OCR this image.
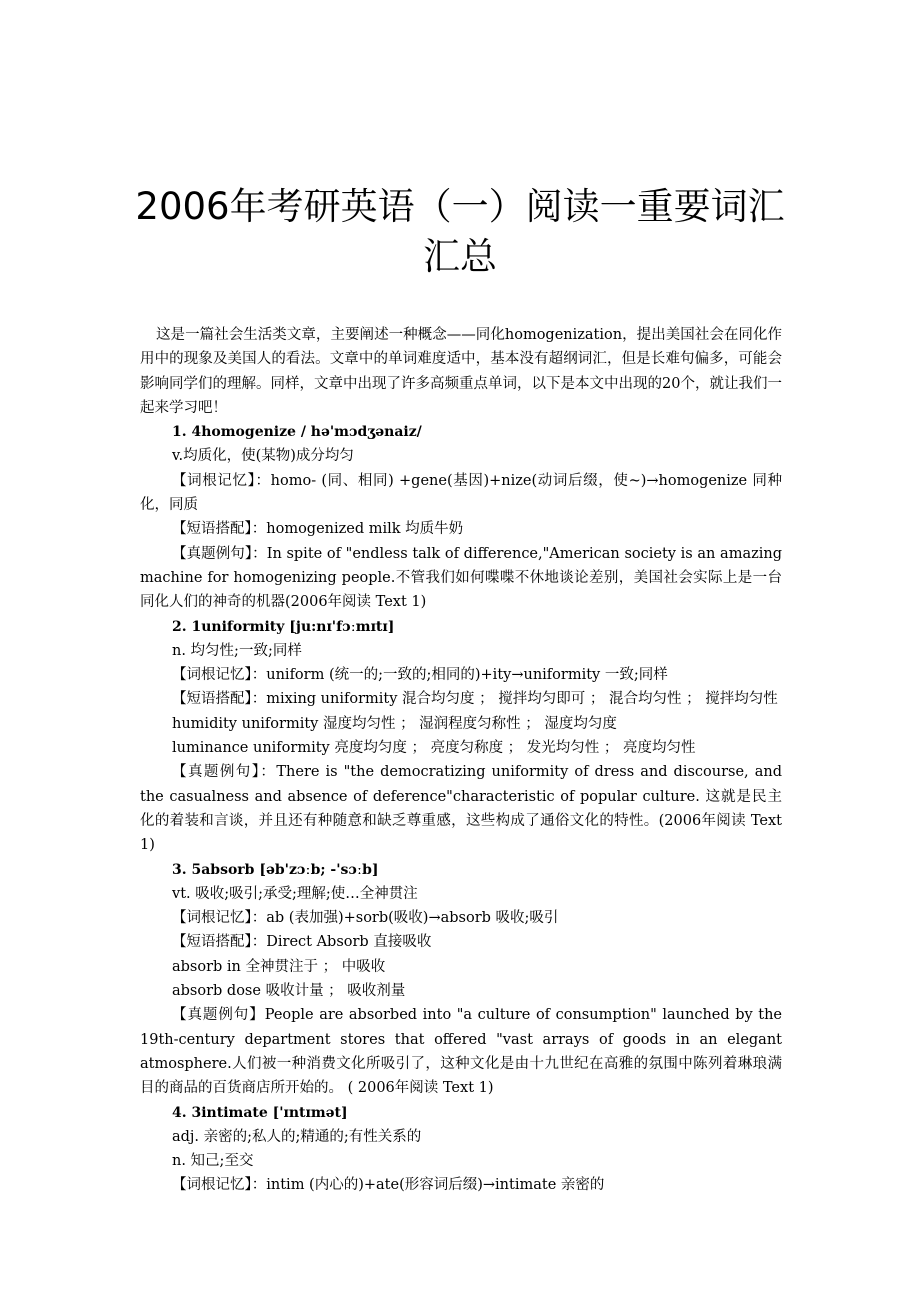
2006年考研英语（一）阅读一重要词汇
汇总

这是一篇社会生活类文章，主要阐述一种概念——同化homogenization，提出美国社会在同化作用中的现象及美国人的看法。文章中的单词难度适中，基本没有超纲词汇，但是长难句偏多，可能会影响同学们的理解。同样，文章中出现了许多高频重点单词，以下是本文中出现的20个，就让我们一起来学习吧！

1. 4homogenize / hə'mɔdʒənaiz/

v.均质化，使(某物)成分均匀

【词根记忆】：homo- (同、相同) +gene(基因)+nize(动词后缀，使~)→homogenize 同种化，同质

【短语搭配】：homogenized milk 均质牛奶

【真题例句】：In spite of "endless talk of difference,"American society is an amazing machine for homogenizing people.不管我们如何喋喋不休地谈论差别，美国社会实际上是一台同化人们的神奇的机器(2006年阅读 Text 1)

2. 1uniformity [ju:nɪ'fɔːmɪtɪ]

n. 均匀性;一致;同样

【词根记忆】：uniform (统一的;一致的;相同的)+ity→uniformity 一致;同样

【短语搭配】：mixing uniformity 混合均匀度 ； 搅拌均匀即可 ； 混合均匀性 ； 搅拌均匀性

humidity uniformity 湿度均匀性 ； 湿润程度匀称性 ； 湿度均匀度

luminance uniformity 亮度均匀度 ； 亮度匀称度 ； 发光均匀性 ； 亮度均匀性

【真题例句】：There is "the democratizing uniformity of dress and discourse, and the casualness and absence of deference"characteristic of popular culture. 这就是民主化的着装和言谈，并且还有种随意和缺乏尊重感，这些构成了通俗文化的特性。(2006年阅读 Text 1)

3. 5absorb [əb'zɔːb; -'sɔːb]

vt. 吸收;吸引;承受;理解;使…全神贯注

【词根记忆】：ab (表加强)+sorb(吸收)→absorb 吸收;吸引

【短语搭配】：Direct Absorb 直接吸收

absorb in 全神贯注于 ； 中吸收

absorb dose 吸收计量 ； 吸收剂量

【真题例句】People are absorbed into "a culture of consumption" launched by the 19th-century department stores that offered "vast arrays of goods in an elegant atmosphere.人们被一种消费文化所吸引了，这种文化是由十九世纪在高雅的氛围中陈列着琳琅满目的商品的百货商店所开始的。 ( 2006年阅读 Text 1)

4. 3intimate ['ɪntɪmət]

adj. 亲密的;私人的;精通的;有性关系的

n. 知己;至交

【词根记忆】：intim (内心的)+ate(形容词后缀)→intimate 亲密的
